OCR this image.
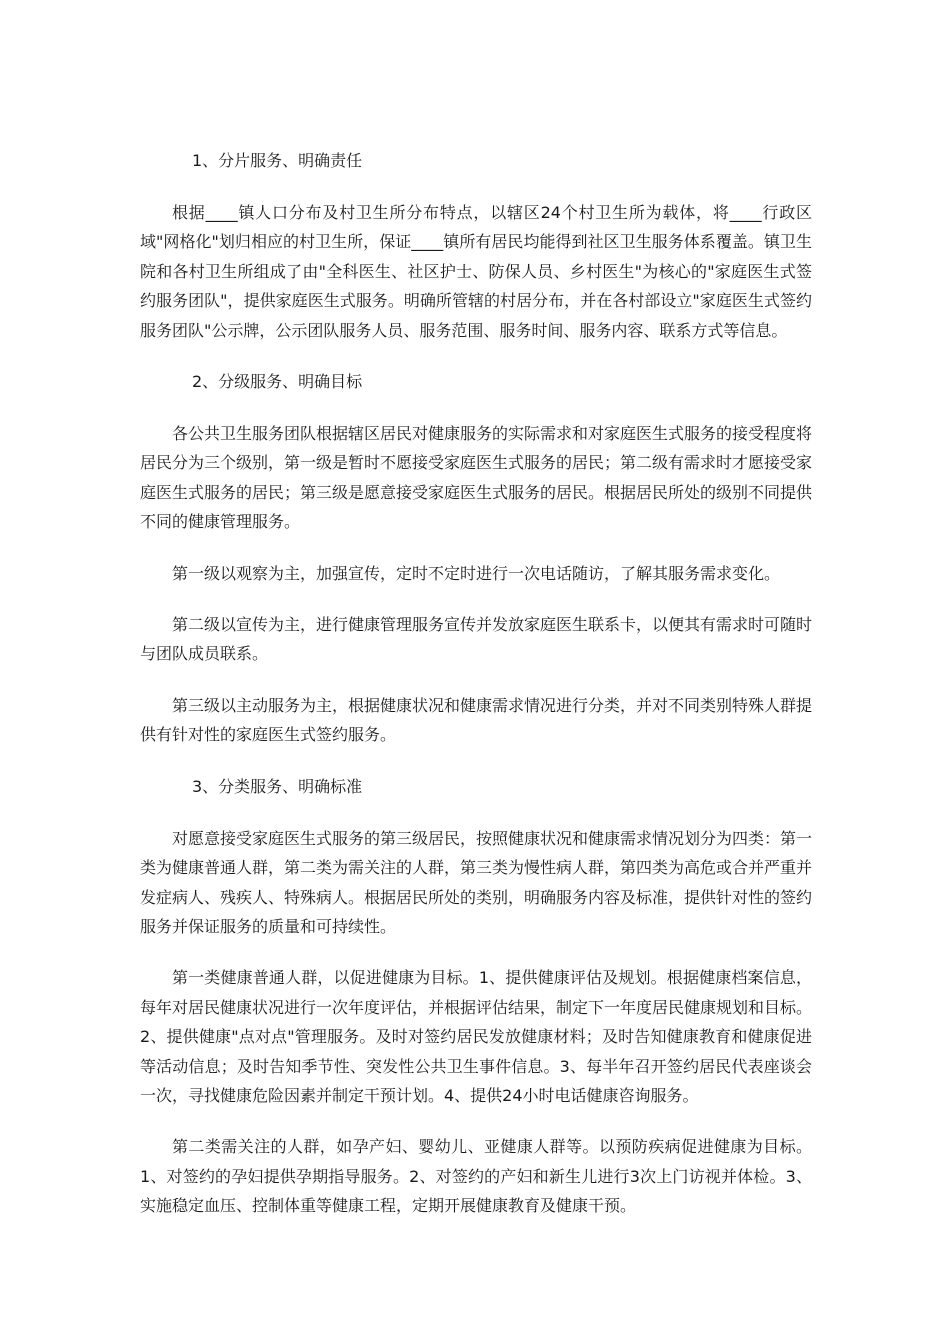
1、分片服务、明确责任

根据____镇人口分布及村卫生所分布特点，以辖区24个村卫生所为载体，将____行政区域"网格化"划归相应的村卫生所，保证____镇所有居民均能得到社区卫生服务体系覆盖。镇卫生院和各村卫生所组成了由"全科医生、社区护士、防保人员、乡村医生"为核心的"家庭医生式签约服务团队"，提供家庭医生式服务。明确所管辖的村居分布，并在各村部设立"家庭医生式签约服务团队"公示牌，公示团队服务人员、服务范围、服务时间、服务内容、联系方式等信息。

2、分级服务、明确目标

各公共卫生服务团队根据辖区居民对健康服务的实际需求和对家庭医生式服务的接受程度将居民分为三个级别，第一级是暂时不愿接受家庭医生式服务的居民；第二级有需求时才愿接受家庭医生式服务的居民；第三级是愿意接受家庭医生式服务的居民。根据居民所处的级别不同提供不同的健康管理服务。

第一级以观察为主，加强宣传，定时不定时进行一次电话随访，了解其服务需求变化。

第二级以宣传为主，进行健康管理服务宣传并发放家庭医生联系卡，以便其有需求时可随时与团队成员联系。

第三级以主动服务为主，根据健康状况和健康需求情况进行分类，并对不同类别特殊人群提供有针对性的家庭医生式签约服务。

3、分类服务、明确标准

对愿意接受家庭医生式服务的第三级居民，按照健康状况和健康需求情况划分为四类：第一类为健康普通人群，第二类为需关注的人群，第三类为慢性病人群，第四类为高危或合并严重并发症病人、残疾人、特殊病人。根据居民所处的类别，明确服务内容及标准，提供针对性的签约服务并保证服务的质量和可持续性。

第一类健康普通人群，以促进健康为目标。1、提供健康评估及规划。根据健康档案信息，每年对居民健康状况进行一次年度评估，并根据评估结果，制定下一年度居民健康规划和目标。2、提供健康"点对点"管理服务。及时对签约居民发放健康材料；及时告知健康教育和健康促进等活动信息；及时告知季节性、突发性公共卫生事件信息。3、每半年召开签约居民代表座谈会一次，寻找健康危险因素并制定干预计划。4、提供24小时电话健康咨询服务。

第二类需关注的人群，如孕产妇、婴幼儿、亚健康人群等。以预防疾病促进健康为目标。1、对签约的孕妇提供孕期指导服务。2、对签约的产妇和新生儿进行3次上门访视并体检。3、实施稳定血压、控制体重等健康工程，定期开展健康教育及健康干预。
